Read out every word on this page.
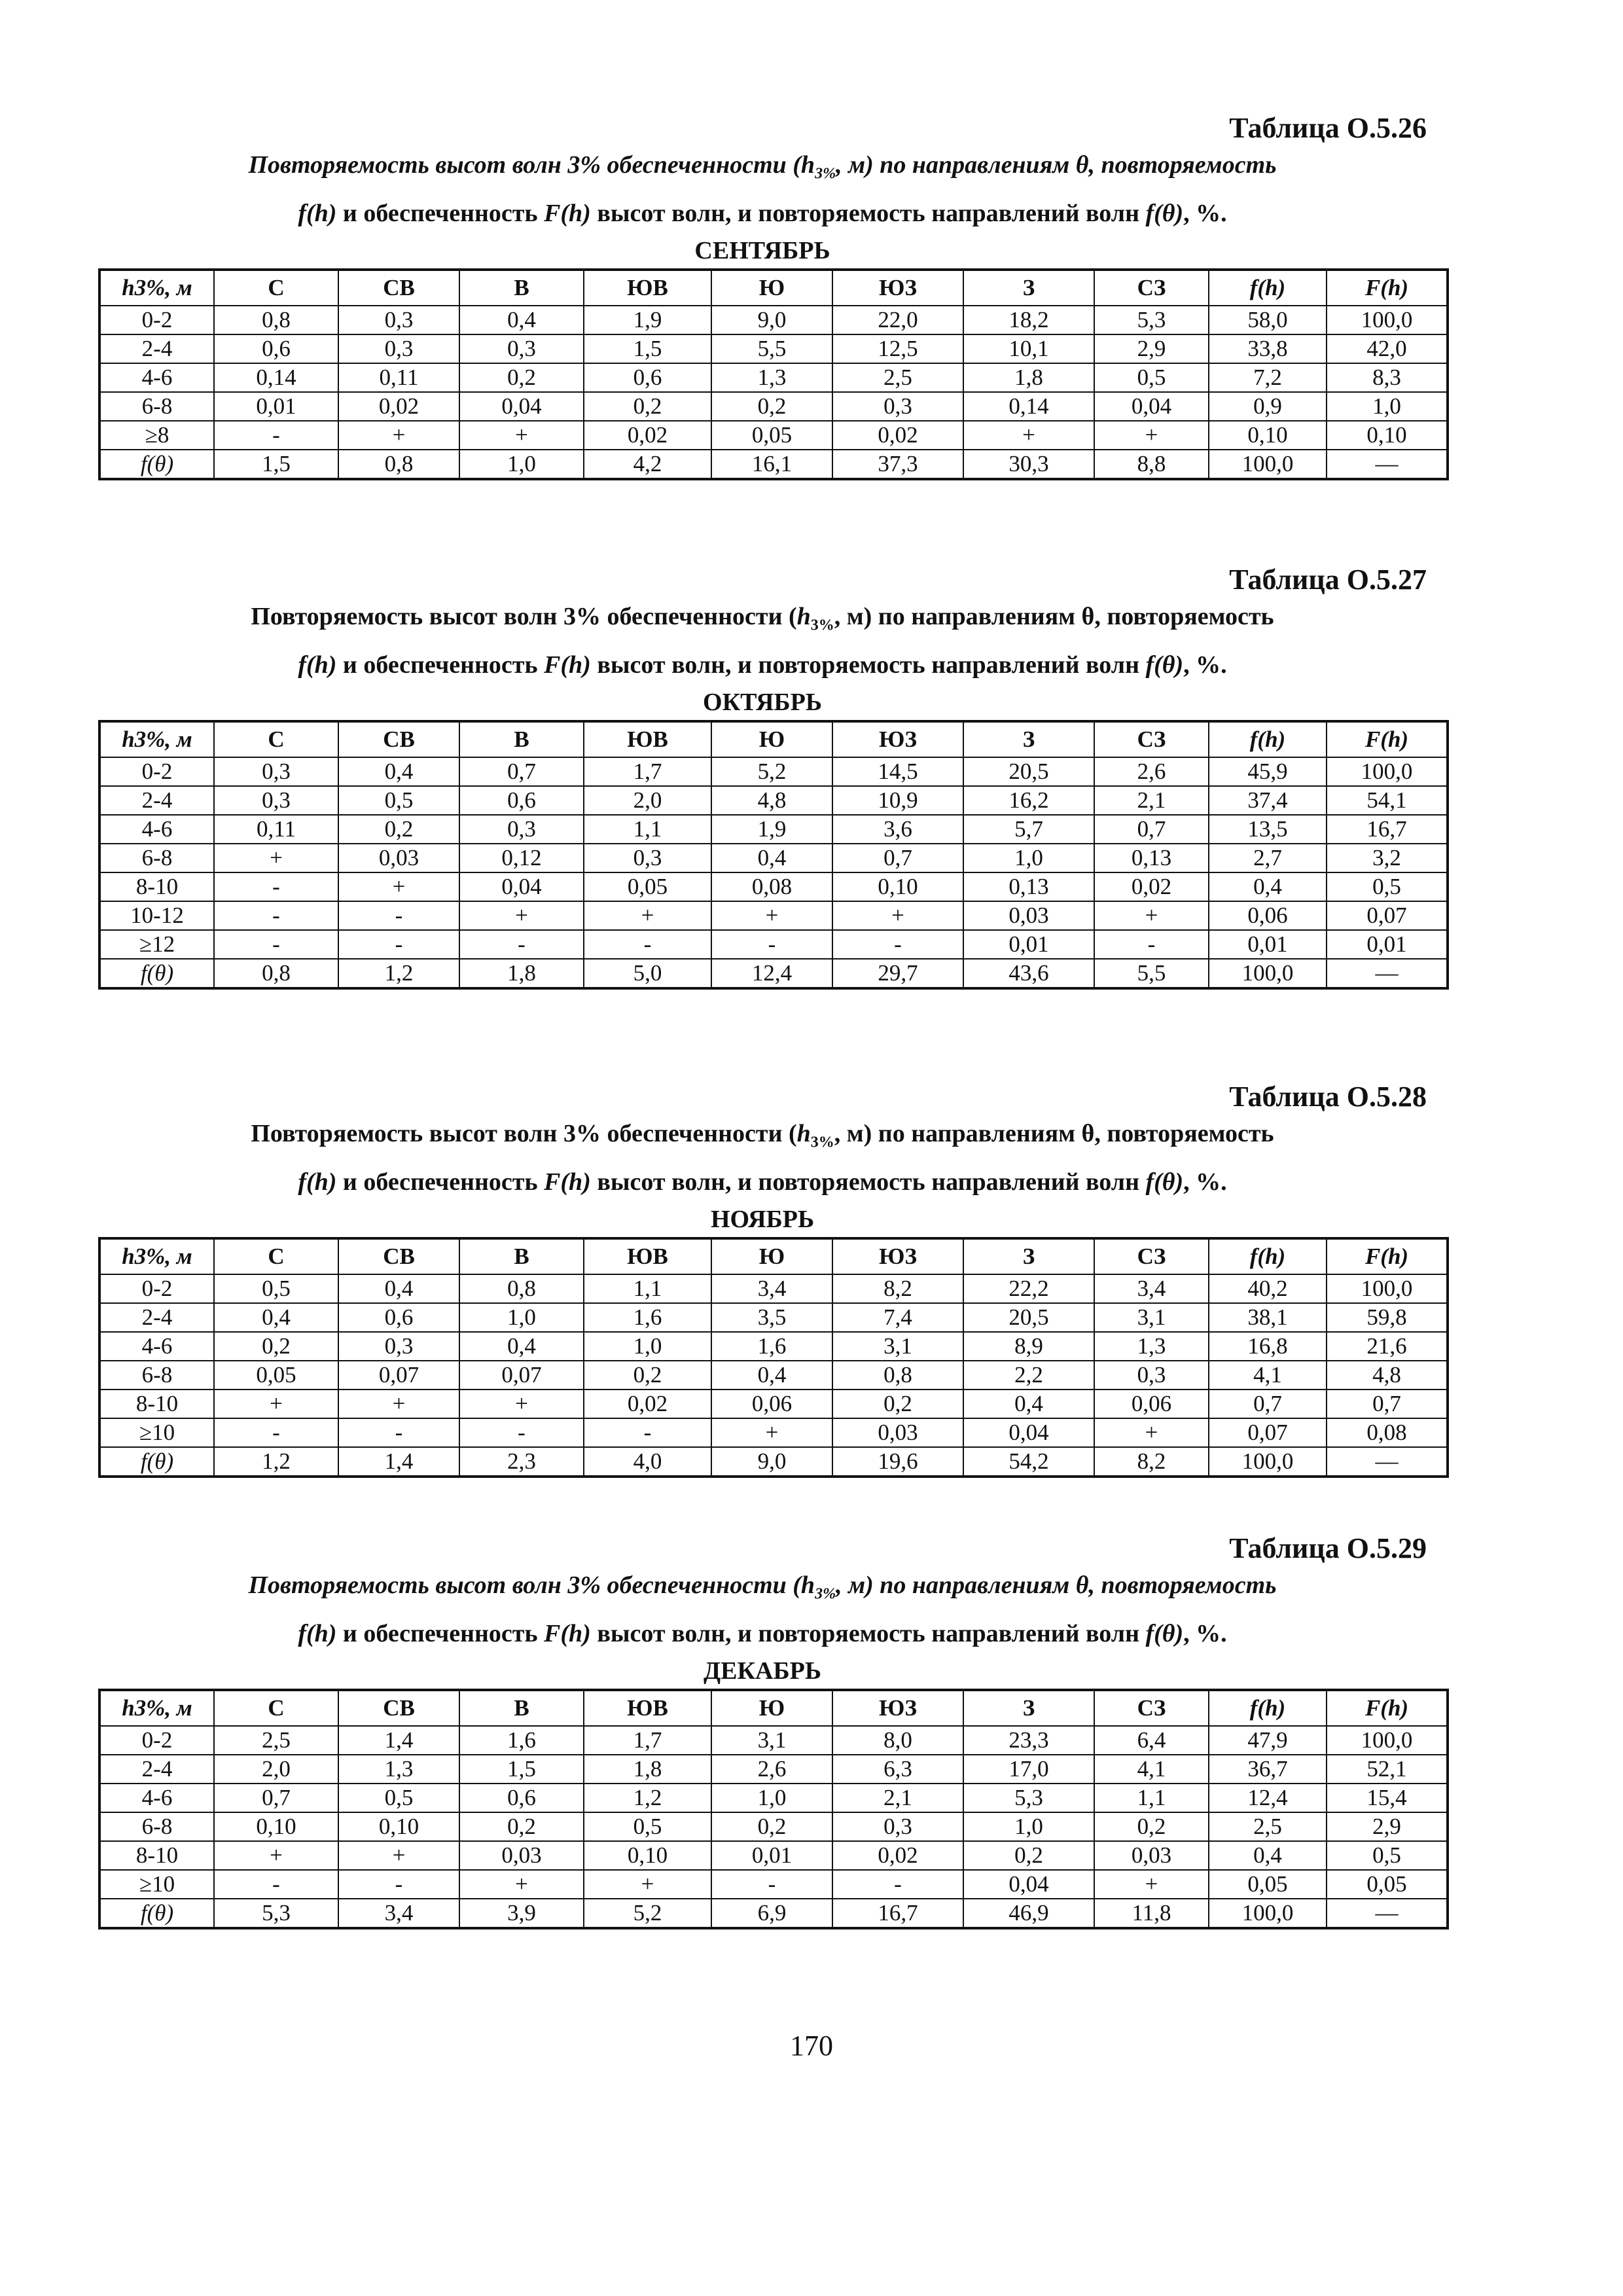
Таблица О.5.26
Повторяемость высот волн 3% обеспеченности ($h_{3\%}$, м) по направлениям θ, повторяемость
f(h) и обеспеченность F(h) высот волн, и повторяемость направлений волн f(θ), %.
СЕНТЯБРЬ
h3%, м	С	СВ	В	ЮВ	Ю	ЮЗ	З	СЗ	f(h)	F(h)
0-2	0,8	0,3	0,4	1,9	9,0	22,0	18,2	5,3	58,0	100,0
2-4	0,6	0,3	0,3	1,5	5,5	12,5	10,1	2,9	33,8	42,0
4-6	0,14	0,11	0,2	0,6	1,3	2,5	1,8	0,5	7,2	8,3
6-8	0,01	0,02	0,04	0,2	0,2	0,3	0,14	0,04	0,9	1,0
≥8	-	+	+	0,02	0,05	0,02	+	+	0,10	0,10
f(θ)	1,5	0,8	1,0	4,2	16,1	37,3	30,3	8,8	100,0	—
Таблица О.5.27
Повторяемость высот волн 3% обеспеченности ($h_{3\%}$, м) по направлениям θ, повторяемость
f(h) и обеспеченность F(h) высот волн, и повторяемость направлений волн f(θ), %.
ОКТЯБРЬ
h3%, м	С	СВ	В	ЮВ	Ю	ЮЗ	З	СЗ	f(h)	F(h)
0-2	0,3	0,4	0,7	1,7	5,2	14,5	20,5	2,6	45,9	100,0
2-4	0,3	0,5	0,6	2,0	4,8	10,9	16,2	2,1	37,4	54,1
4-6	0,11	0,2	0,3	1,1	1,9	3,6	5,7	0,7	13,5	16,7
6-8	+	0,03	0,12	0,3	0,4	0,7	1,0	0,13	2,7	3,2
8-10	-	+	0,04	0,05	0,08	0,10	0,13	0,02	0,4	0,5
10-12	-	-	+	+	+	+	0,03	+	0,06	0,07
≥12	-	-	-	-	-	-	0,01	-	0,01	0,01
f(θ)	0,8	1,2	1,8	5,0	12,4	29,7	43,6	5,5	100,0	—
Таблица О.5.28
Повторяемость высот волн 3% обеспеченности ($h_{3\%}$, м) по направлениям θ, повторяемость
f(h) и обеспеченность F(h) высот волн, и повторяемость направлений волн f(θ), %.
НОЯБРЬ
h3%, м	С	СВ	В	ЮВ	Ю	ЮЗ	З	СЗ	f(h)	F(h)
0-2	0,5	0,4	0,8	1,1	3,4	8,2	22,2	3,4	40,2	100,0
2-4	0,4	0,6	1,0	1,6	3,5	7,4	20,5	3,1	38,1	59,8
4-6	0,2	0,3	0,4	1,0	1,6	3,1	8,9	1,3	16,8	21,6
6-8	0,05	0,07	0,07	0,2	0,4	0,8	2,2	0,3	4,1	4,8
8-10	+	+	+	0,02	0,06	0,2	0,4	0,06	0,7	0,7
≥10	-	-	-	-	+	0,03	0,04	+	0,07	0,08
f(θ)	1,2	1,4	2,3	4,0	9,0	19,6	54,2	8,2	100,0	—
Таблица О.5.29
Повторяемость высот волн 3% обеспеченности ($h_{3\%}$, м) по направлениям θ, повторяемость
f(h) и обеспеченность F(h) высот волн, и повторяемость направлений волн f(θ), %.
ДЕКАБРЬ
h3%, м	С	СВ	В	ЮВ	Ю	ЮЗ	З	СЗ	f(h)	F(h)
0-2	2,5	1,4	1,6	1,7	3,1	8,0	23,3	6,4	47,9	100,0
2-4	2,0	1,3	1,5	1,8	2,6	6,3	17,0	4,1	36,7	52,1
4-6	0,7	0,5	0,6	1,2	1,0	2,1	5,3	1,1	12,4	15,4
6-8	0,10	0,10	0,2	0,5	0,2	0,3	1,0	0,2	2,5	2,9
8-10	+	+	0,03	0,10	0,01	0,02	0,2	0,03	0,4	0,5
≥10	-	-	+	+	-	-	0,04	+	0,05	0,05
f(θ)	5,3	3,4	3,9	5,2	6,9	16,7	46,9	11,8	100,0	—
170
